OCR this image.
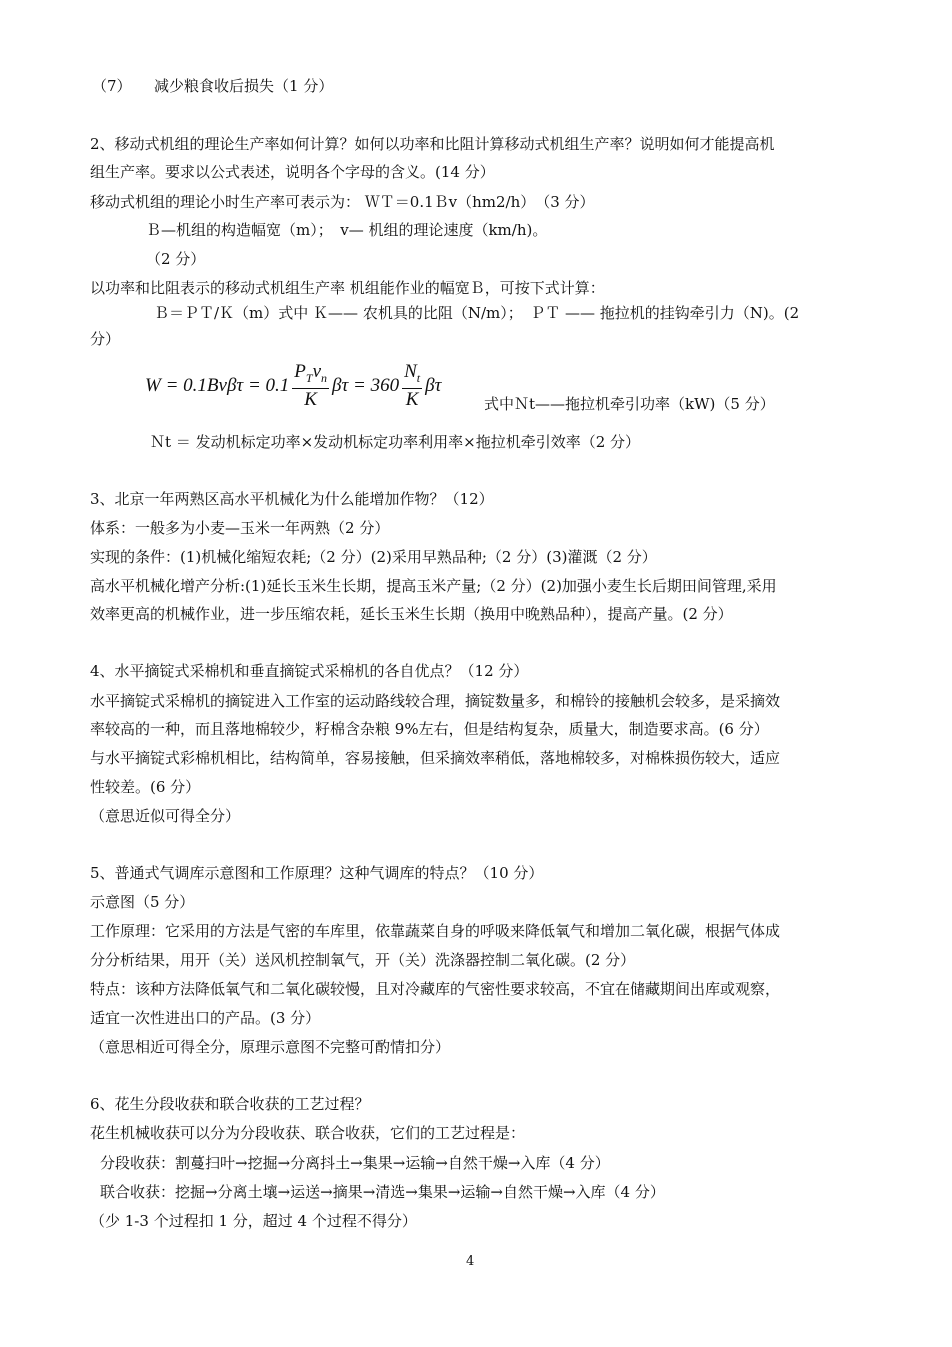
（7）　　减少粮食收后损失（1 分）
2、移动式机组的理论生产率如何计算？如何以功率和比阻计算移动式机组生产率？说明如何才能提高机
组生产率。要求以公式表述，说明各个字母的含义。(14 分）
移动式机组的理论小时生产率可表示为： ＷＴ＝0.1Ｂv（hm2/h）　（3 分）
Ｂ—机组的构造幅宽（m）；　v— 机组的理论速度（km/h)。
（2 分）
以功率和比阻表示的移动式机组生产率 机组能作业的幅宽Ｂ，可按下式计算：
Ｂ＝ＰＴ/Ｋ（m）式中 Ｋ—— 农机具的比阻（N/m）；　ＰＴ —— 拖拉机的挂钩牵引力（N)。(2
分）
$W = 0.1Bv\beta\tau = 0.1 \frac{P_Tv_n}{K}$ $\beta\tau = 360 \frac{N_t}{K}$ βτ
式中Ｎt——拖拉机牵引功率（kW)（5 分）
Ｎt ＝ 发动机标定功率×发动机标定功率利用率×拖拉机牵引效率（2 分）
3、北京一年两熟区高水平机械化为什么能增加作物？（12）
体系：一般多为小麦—玉米一年两熟（2 分）
实现的条件：(1)机械化缩短农耗;（2 分）(2)采用早熟品种;（2 分）(3)灌溉（2 分）
高水平机械化增产分析:(1)延长玉米生长期，提高玉米产量;（2 分）(2)加强小麦生长后期田间管理,采用
效率更高的机械作业，进一步压缩农耗，延长玉米生长期（换用中晚熟品种），提高产量。(2 分）
4、水平摘锭式采棉机和垂直摘锭式采棉机的各自优点？（12 分）
水平摘锭式采棉机的摘锭进入工作室的运动路线较合理，摘锭数量多，和棉铃的接触机会较多，是采摘效
率较高的一种，而且落地棉较少，籽棉含杂粮 9%左右，但是结构复杂，质量大，制造要求高。(6 分）
与水平摘锭式彩棉机相比，结构简单，容易接触，但采摘效率稍低，落地棉较多，对棉株损伤较大，适应
性较差。(6 分）
（意思近似可得全分）
5、普通式气调库示意图和工作原理？这种气调库的特点？（10 分）
示意图（5 分）
工作原理：它采用的方法是气密的车库里，依靠蔬菜自身的呼吸来降低氧气和增加二氧化碳，根据气体成
分分析结果，用开（关）送风机控制氧气，开（关）洗涤器控制二氧化碳。(2 分）
特点：该种方法降低氧气和二氧化碳较慢，且对冷藏库的气密性要求较高，不宜在储藏期间出库或观察，
适宜一次性进出口的产品。(3 分）
（意思相近可得全分，原理示意图不完整可酌情扣分）
6、花生分段收获和联合收获的工艺过程？
花生机械收获可以分为分段收获、联合收获，它们的工艺过程是：
分段收获：割蔓扫叶→挖掘→分离抖土→集果→运输→自然干燥→入库（4 分）
联合收获：挖掘→分离土壤→运送→摘果→清选→集果→运输→自然干燥→入库（4 分）
（少 1-3 个过程扣 1 分，超过 4 个过程不得分）
4
